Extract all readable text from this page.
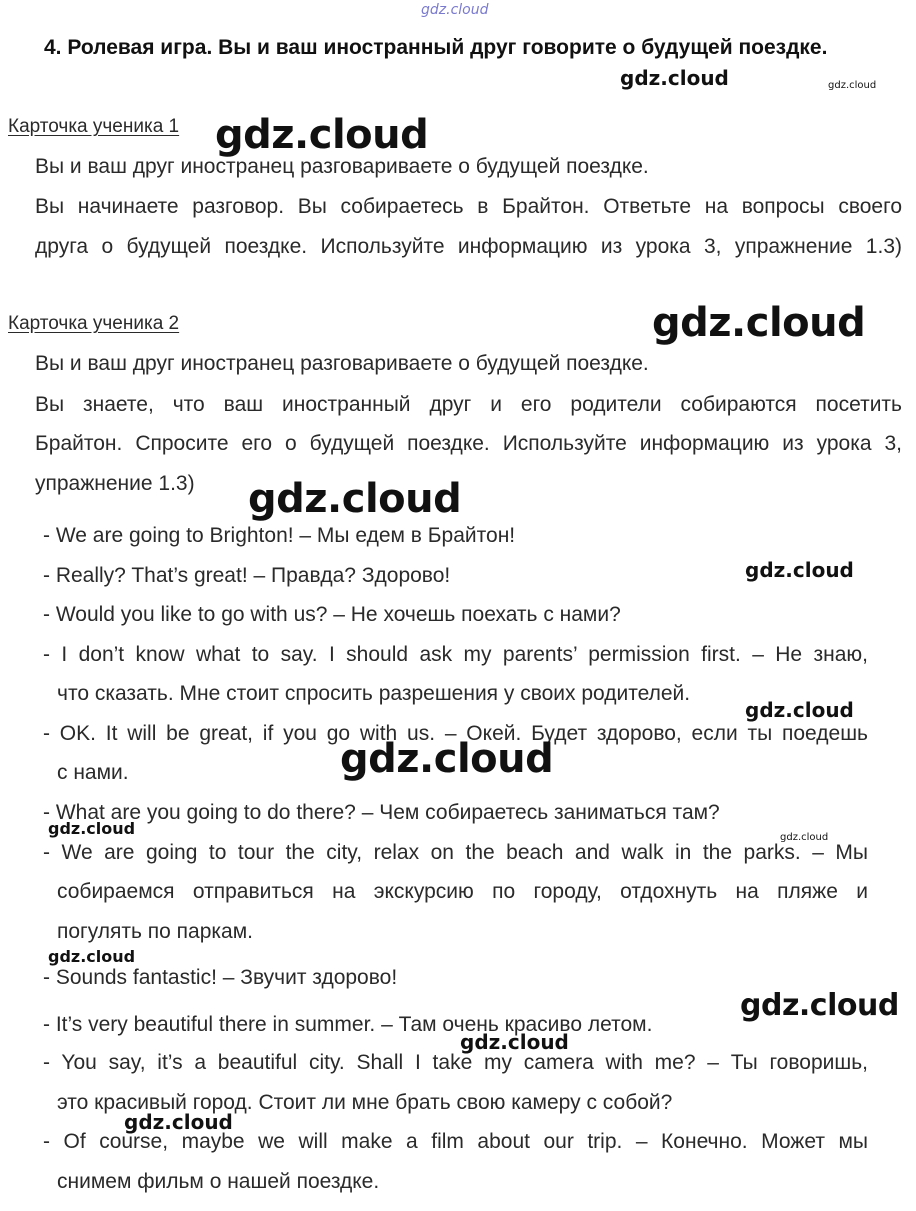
gdz.cloud
4. Ролевая игра. Вы и ваш иностранный друг говорите о будущей поездке.
Карточка ученика 1
Вы и ваш друг иностранец разговариваете о будущей поездке.
Вы начинаете разговор. Вы собираетесь в Брайтон. Ответьте на вопросы своего
друга о будущей поездке. Используйте информацию из урока 3, упражнение 1.3)
Карточка ученика 2
Вы и ваш друг иностранец разговариваете о будущей поездке.
Вы знаете, что ваш иностранный друг и его родители собираются посетить
Брайтон. Спросите его о будущей поездке. Используйте информацию из урока 3,
упражнение 1.3)
- We are going to Brighton! – Мы едем в Брайтон!
- Really? That’s great! – Правда? Здорово!
- Would you like to go with us? – Не хочешь поехать с нами?
- I don’t know what to say. I should ask my parents’ permission first. – Не знаю,
что сказать. Мне стоит спросить разрешения у своих родителей.
- OK. It will be great, if you go with us. – Окей. Будет здорово, если ты поедешь
с нами.
- What are you going to do there? – Чем собираетесь заниматься там?
- We are going to tour the city, relax on the beach and walk in the parks. – Мы
собираемся отправиться на экскурсию по городу, отдохнуть на пляже и
погулять по паркам.
- Sounds fantastic! – Звучит здорово!
- It’s very beautiful there in summer. – Там очень красиво летом.
- You say, it’s a beautiful city. Shall I take my camera with me? – Ты говоришь,
это красивый город. Стоит ли мне брать свою камеру с собой?
- Of course, maybe we will make a film about our trip. – Конечно. Может мы
снимем фильм о нашей поездке.
gdz.cloud	gdz.cloud
gdz.cloud
gdz.cloud
gdz.cloud
gdz.cloud
gdz.cloud
gdz.cloud
gdz.cloud	gdz.cloud
gdz.cloud
gdz.cloud
gdz.cloud
gdz.cloud
